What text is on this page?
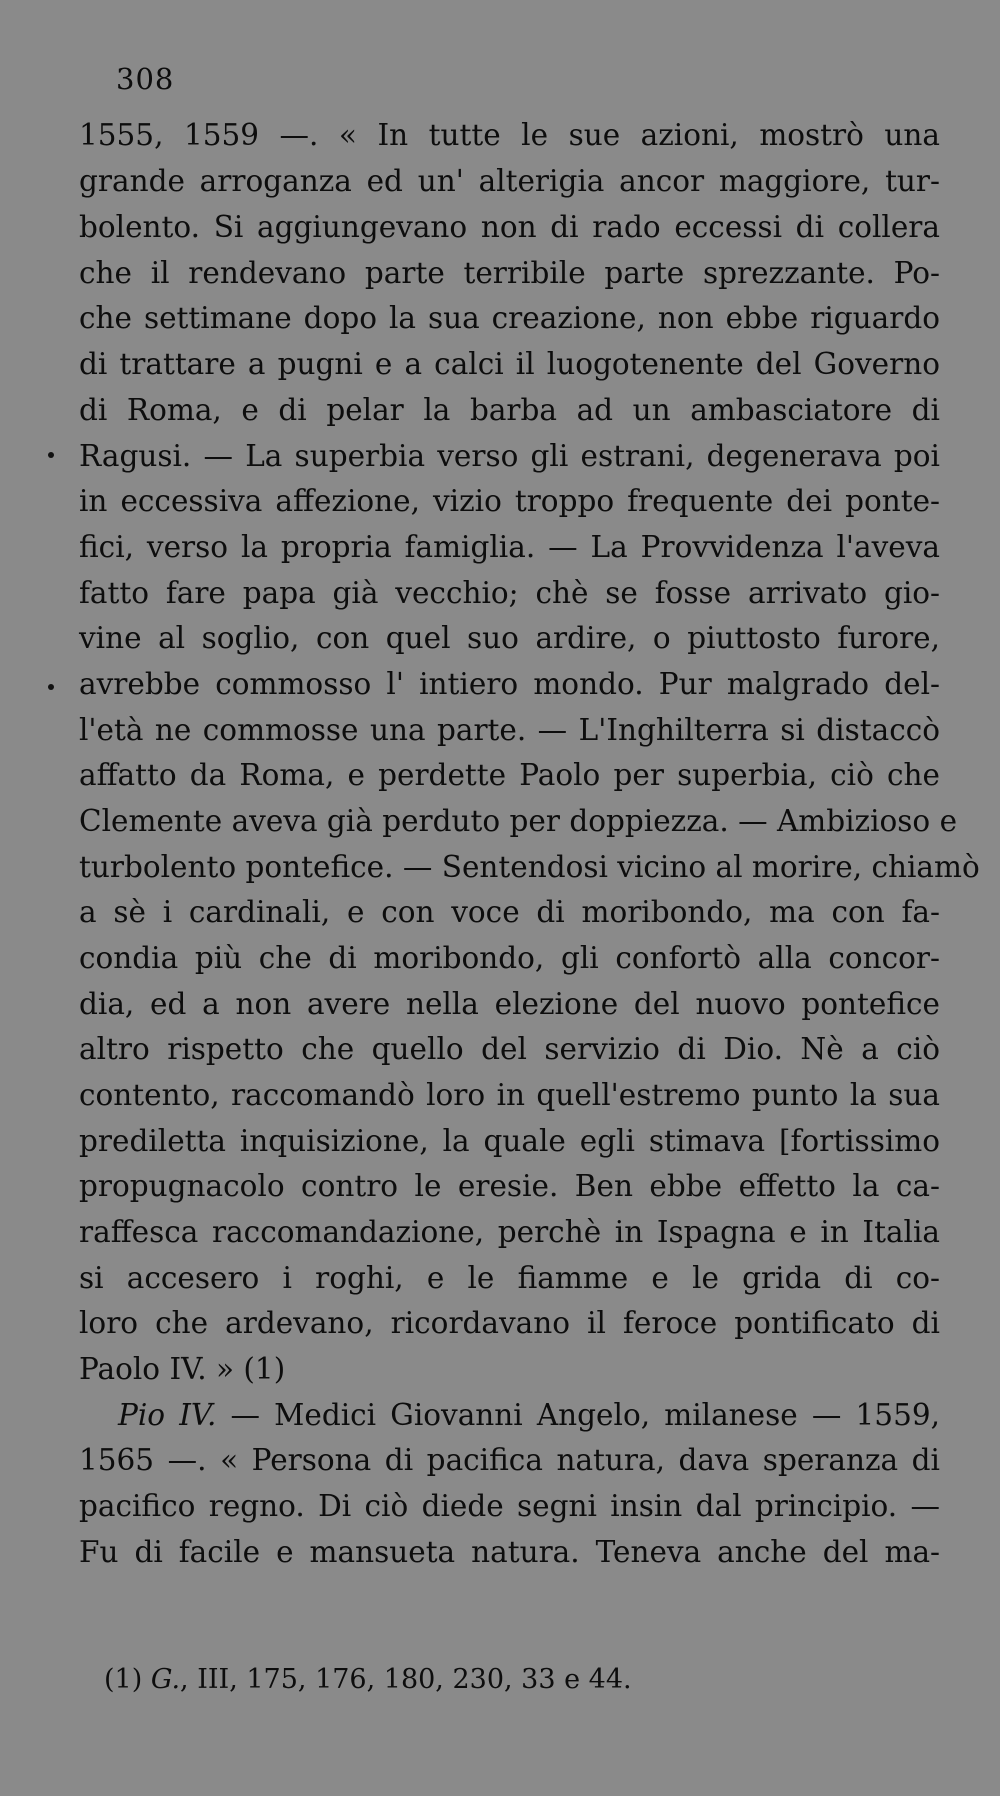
308
1555, 1559 —. « In tutte le sue azioni, mostrò una
grande arroganza ed un' alterigia ancor maggiore, tur-
bolento. Si aggiungevano non di rado eccessi di collera
che il rendevano parte terribile parte sprezzante. Po-
che settimane dopo la sua creazione, non ebbe riguardo
di trattare a pugni e a calci il luogotenente del Governo
di Roma, e di pelar la barba ad un ambasciatore di
Ragusi. — La superbia verso gli estrani, degenerava poi
in eccessiva affezione, vizio troppo frequente dei ponte-
fici, verso la propria famiglia. — La Provvidenza l'aveva
fatto fare papa già vecchio; chè se fosse arrivato gio-
vine al soglio, con quel suo ardire, o piuttosto furore,
avrebbe commosso l' intiero mondo. Pur malgrado del-
l'età ne commosse una parte. — L'Inghilterra si distaccò
affatto da Roma, e perdette Paolo per superbia, ciò che
Clemente aveva già perduto per doppiezza. — Ambizioso e
turbolento pontefice. — Sentendosi vicino al morire, chiamò
a sè i cardinali, e con voce di moribondo, ma con fa-
condia più che di moribondo, gli confortò alla concor-
dia, ed a non avere nella elezione del nuovo pontefice
altro rispetto che quello del servizio di Dio. Nè a ciò
contento, raccomandò loro in quell'estremo punto la sua
prediletta inquisizione, la quale egli stimava [fortissimo
propugnacolo contro le eresie. Ben ebbe effetto la ca-
raffesca raccomandazione, perchè in Ispagna e in Italia
si accesero i roghi, e le fiamme e le grida di co-
loro che ardevano, ricordavano il feroce pontificato di
Paolo IV. » (1)
Pio IV. — Medici Giovanni Angelo, milanese — 1559,
1565 —. « Persona di pacifica natura, dava speranza di
pacifico regno. Di ciò diede segni insin dal principio. —
Fu di facile e mansueta natura. Teneva anche del ma-
(1) G., III, 175, 176, 180, 230, 33 e 44.
